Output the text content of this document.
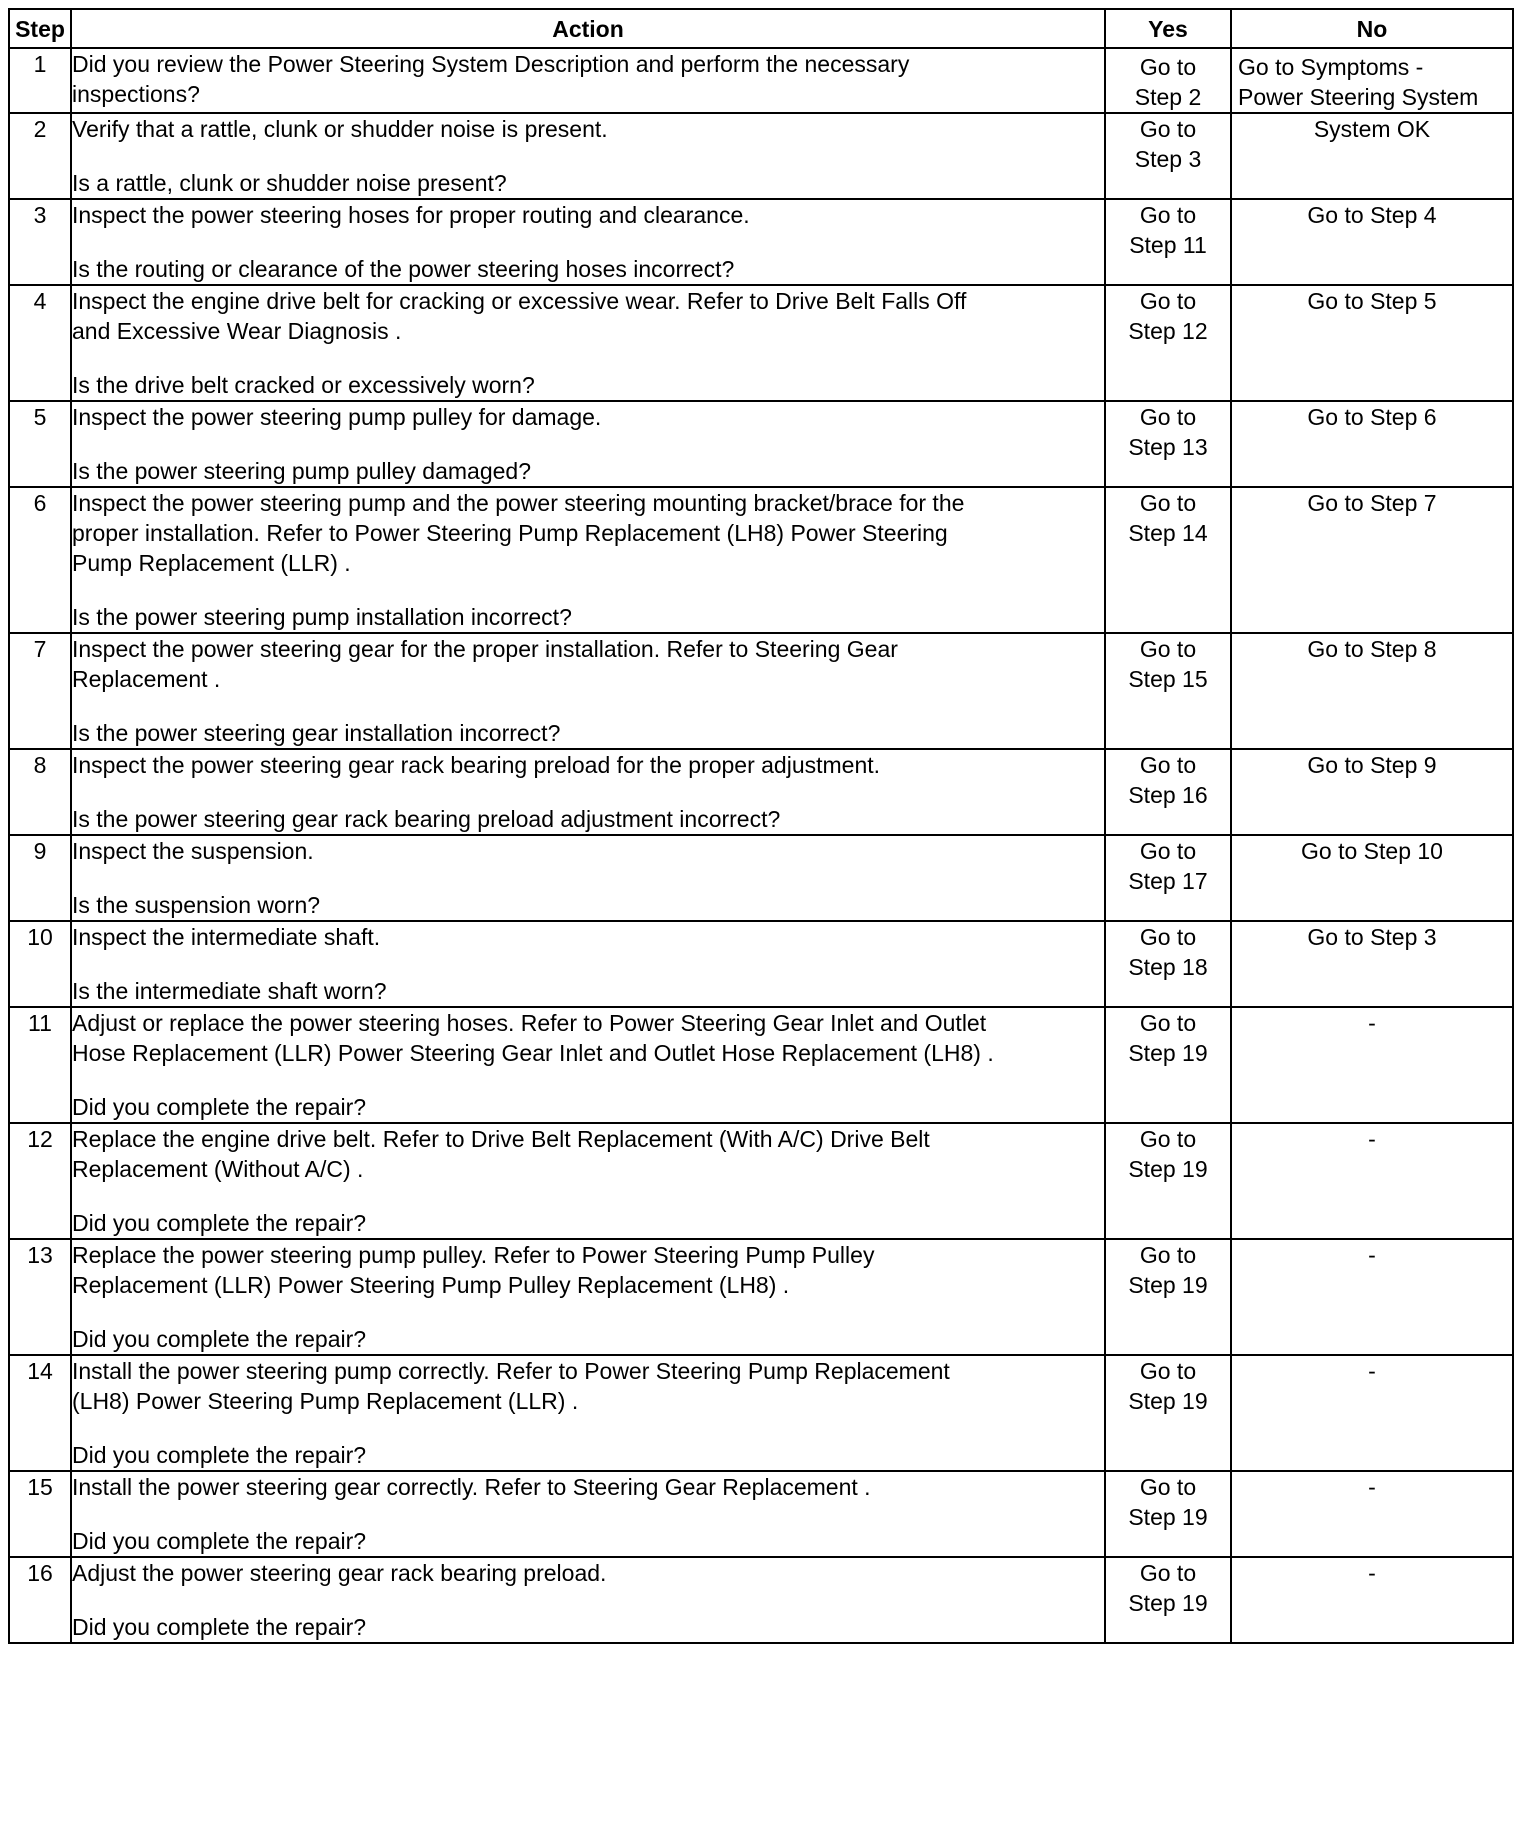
Step	Action	Yes	No
1	Did you review the Power Steering System Description and perform the necessary
inspections?	Go to
Step 2	Go to Symptoms -
Power Steering System

2	Verify that a rattle, clunk or shudder noise is present.
Is a rattle, clunk or shudder noise present?	Go to
Step 3	System OK

3	Inspect the power steering hoses for proper routing and clearance.
Is the routing or clearance of the power steering hoses incorrect?	Go to
Step 11	Go to Step 4

4	Inspect the engine drive belt for cracking or excessive wear. Refer to Drive Belt Falls Off
and Excessive Wear Diagnosis .
Is the drive belt cracked or excessively worn?	Go to
Step 12	Go to Step 5

5	Inspect the power steering pump pulley for damage.
Is the power steering pump pulley damaged?	Go to
Step 13	Go to Step 6

6	Inspect the power steering pump and the power steering mounting bracket/brace for the
proper installation. Refer to Power Steering Pump Replacement (LH8) Power Steering
Pump Replacement (LLR) .
Is the power steering pump installation incorrect?	Go to
Step 14	Go to Step 7

7	Inspect the power steering gear for the proper installation. Refer to Steering Gear
Replacement .
Is the power steering gear installation incorrect?	Go to
Step 15	Go to Step 8

8	Inspect the power steering gear rack bearing preload for the proper adjustment.
Is the power steering gear rack bearing preload adjustment incorrect?	Go to
Step 16	Go to Step 9

9	Inspect the suspension.
Is the suspension worn?	Go to
Step 17	Go to Step 10

10	Inspect the intermediate shaft.
Is the intermediate shaft worn?	Go to
Step 18	Go to Step 3

11	Adjust or replace the power steering hoses. Refer to Power Steering Gear Inlet and Outlet
Hose Replacement (LLR) Power Steering Gear Inlet and Outlet Hose Replacement (LH8) .
Did you complete the repair?	Go to
Step 19	-

12	Replace the engine drive belt. Refer to Drive Belt Replacement (With A/C) Drive Belt
Replacement (Without A/C) .
Did you complete the repair?	Go to
Step 19	-

13	Replace the power steering pump pulley. Refer to Power Steering Pump Pulley
Replacement (LLR) Power Steering Pump Pulley Replacement (LH8) .
Did you complete the repair?	Go to
Step 19	-

14	Install the power steering pump correctly. Refer to Power Steering Pump Replacement
(LH8) Power Steering Pump Replacement (LLR) .
Did you complete the repair?	Go to
Step 19	-

15	Install the power steering gear correctly. Refer to Steering Gear Replacement .
Did you complete the repair?	Go to
Step 19	-

16	Adjust the power steering gear rack bearing preload.
Did you complete the repair?	Go to
Step 19	-
